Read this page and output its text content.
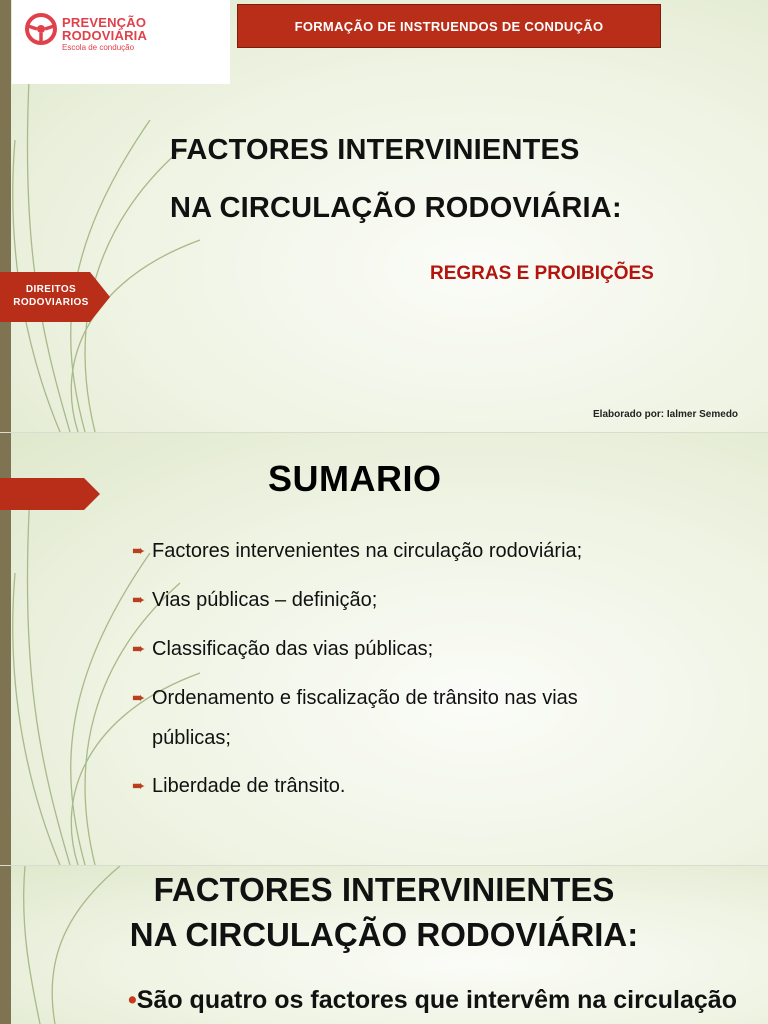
PREVENÇÃO
RODOVIÁRIA
Escola de condução
FORMAÇÃO DE INSTRUENDOS DE CONDUÇÃO
FACTORES INTERVINIENTES
NA CIRCULAÇÃO RODOVIÁRIA:
REGRAS E PROIBIÇÕES
DIREITOS
RODOVIARIOS
Elaborado por: Ialmer Semedo
SUMARIO
➨ Factores intervenientes na circulação rodoviária;
➨ Vias públicas – definição;
➨ Classificação das vias públicas;
➨ Ordenamento e fiscalização de trânsito nas vias públicas;
➨ Liberdade de trânsito.
FACTORES INTERVINIENTES
NA CIRCULAÇÃO RODOVIÁRIA:
•São quatro os factores que intervêm na circulação
